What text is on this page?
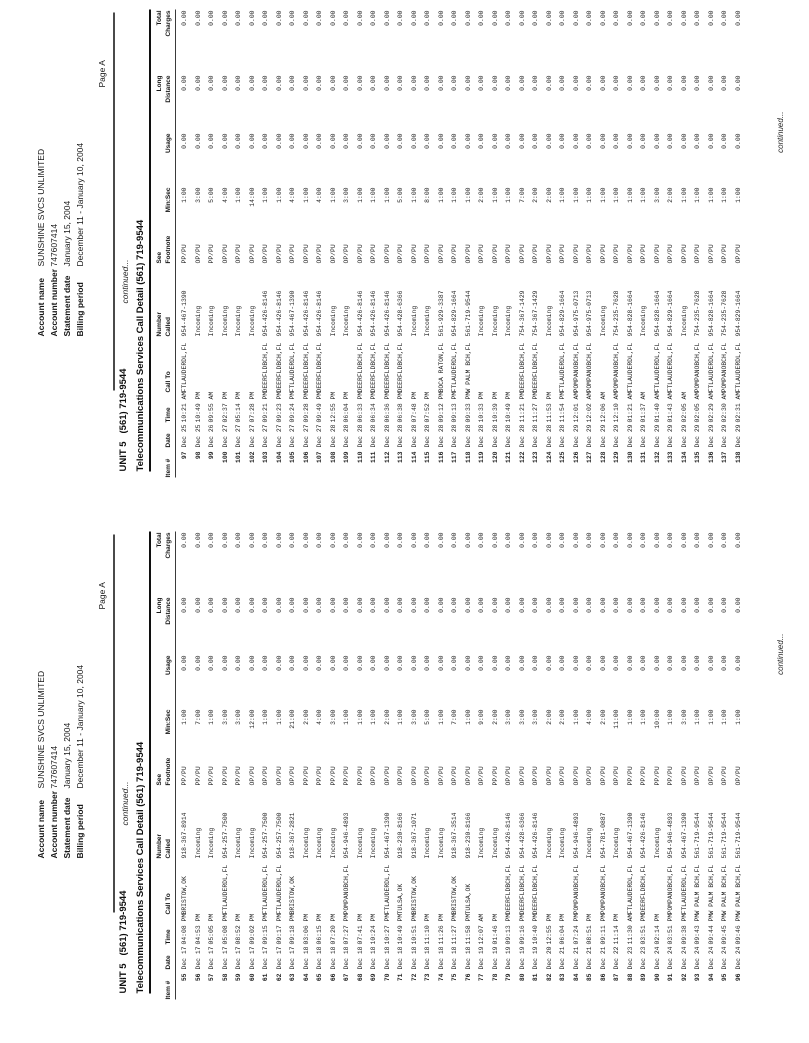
Page A
Account name
SUNSHINE SVCS UNLIMITED
Account number
747607414
Statement date
January 15, 2004
Billing period
December 11 - January 10, 2004
UNIT 5   (561) 719-9544
continued... Telecommunications Services Call Detail (561) 719-9544 Number
See
Long
Total
Item #
Date
Time
Call To
Called
Footnote
Min:Sec
Usage
Distance
Charges
97
Dec 25
10:21 AM
FTLAUDERDL,FL
954-467-1390
PP/PU
1:00
0.00
0.00
0.00
98
Dec 25
10:49 PM
Incoming
OP/PU
3:00
0.00
0.00
0.00
99
Dec 26
09:55 AM
Incoming
PP/PU
5:00
0.00
0.00
0.00
100
Dec 27
02:37 PM
Incoming
OP/PU
4:00
0.00
0.00
0.00
101
Dec 27
05:14 PM
Incoming
OP/PU
1:00
0.00
0.00
0.00
102
Dec 27
07:28 PM
Incoming
OP/PU
14:00
0.00
0.00
0.00
103
Dec 27
09:21 PM
DEERFLDBCH,FL
954-426-8146
OP/PU
1:00
0.00
0.00
0.00
104
Dec 27
09:23 PM
DEERFLDBCH,FL
954-426-8146
OP/PU
1:00
0.00
0.00
0.00
105
Dec 27
09:24 PM
FTLAUDERDL,FL
954-467-1390
OP/PU
4:00
0.00
0.00
0.00
106
Dec 27
09:28 PM
DEERFLDBCH,FL
954-426-8146
OP/PU
1:00
0.00
0.00
0.00
107
Dec 27
09:49 PM
DEERFLDBCH,FL
954-426-8146
OP/PU
4:00
0.00
0.00
0.00
108
Dec 28
12:55 PM
Incoming
OP/PU
1:00
0.00
0.00
0.00
109
Dec 28
06:04 PM
Incoming
OP/PU
3:00
0.00
0.00
0.00
110
Dec 28
06:33 PM
DEERFLDBCH,FL
954-426-8146
OP/PU
1:00
0.00
0.00
0.00
111
Dec 28
06:34 PM
DEERFLDBCH,FL
954-426-8146
OP/PU
1:00
0.00
0.00
0.00
112
Dec 28
06:36 PM
DEERFLDBCH,FL
954-426-8146
OP/PU
1:00
0.00
0.00
0.00
113
Dec 28
06:38 PM
DEERFLDBCH,FL
954-428-6366
OP/PU
5:00
0.00
0.00
0.00
114
Dec 28
07:48 PM
Incoming
OP/PU
1:00
0.00
0.00
0.00
115
Dec 28
07:52 PM
Incoming
OP/PU
8:00
0.00
0.00
0.00
116
Dec 28
09:12 PM
BOCA RATON,FL
561-929-3387
OP/PU
1:00
0.00
0.00
0.00
117
Dec 28
09:13 PM
FTLAUDERDL,FL
954-829-1664
OP/PU
1:00
0.00
0.00
0.00
118
Dec 28
09:33 PM
W PALM BCH,FL
561-719-9544
OP/PU
1:00
0.00
0.00
0.00
119
Dec 28
10:33 PM
Incoming
OP/PU
2:00
0.00
0.00
0.00
120
Dec 28
10:39 PM
Incoming
OP/PU
1:00
0.00
0.00
0.00
121
Dec 28
10:49 PM
Incoming
OP/PU
1:00
0.00
0.00
0.00
122
Dec 28
11:21 PM
DEERFLDBCH,FL
754-367-1429
OP/PU
7:00
0.00
0.00
0.00
123
Dec 28
11:27 PM
DEERFLDBCH,FL
754-367-1429
OP/PU
2:00
0.00
0.00
0.00
124
Dec 28
11:53 PM
Incoming
OP/PU
2:00
0.00
0.00
0.00
125
Dec 28
11:54 PM
FTLAUDERDL,FL
954-829-1664
OP/PU
1:00
0.00
0.00
0.00
126
Dec 29
12:01 AM
POMPANOBCH,FL
954-975-0713
OP/PU
1:00
0.00
0.00
0.00
127
Dec 29
12:02 AM
POMPANOBCH,FL
954-975-0713
OP/PU
1:00
0.00
0.00
0.00
128
Dec 29
12:06 AM
Incoming
OP/PU
1:00
0.00
0.00
0.00
129
Dec 29
12:10 AM
POMPANOBCH,FL
754-235-7628
OP/PU
1:00
0.00
0.00
0.00
130
Dec 29
01:21 AM
FTLAUDERDL,FL
954-828-1664
OP/PU
1:00
0.00
0.00
0.00
131
Dec 29
01:37 AM
Incoming
OP/PU
1:00
0.00
0.00
0.00
132
Dec 29
01:40 AM
FTLAUDERDL,FL
954-828-1664
OP/PU
3:00
0.00
0.00
0.00
133
Dec 29
01:43 AM
FTLAUDERDL,FL
954-829-1664
OP/PU
2:00
0.00
0.00
0.00
134
Dec 29
02:05 AM
Incoming
OP/PU
1:00
0.00
0.00
0.00
135
Dec 29
02:05 AM
POMPANOBCH,FL
754-235-7628
OP/PU
1:00
0.00
0.00
0.00
136
Dec 29
02:29 AM
FTLAUDERDL,FL
954-828-1664
OP/PU
1:00
0.00
0.00
0.00
137
Dec 29
02:30 AM
POMPANOBCH,FL
754-235-7628
OP/PU
1:00
0.00
0.00
0.00
138
Dec 29
02:31 AM
FTLAUDERDL,FL
954-829-1664
OP/PU
1:00
0.00
0.00
0.00
continued...
Page A
Account name
SUNSHINE SVCS UNLIMITED
Account number
747607414
Statement date
January 15, 2004
Billing period
December 11 - January 10, 2004
UNIT 5   (561) 719-9544
continued... Telecommunications Services Call Detail (561) 719-9544 Number
See
Long
Total
Item #
Date
Time
Call To
Called
Footnote
Min:Sec
Usage
Distance
Charges
55
Dec 17
04:08 PM
BRISTOW,OK
918-367-8914
PP/PU
1:00
0.00
0.00
0.00
56
Dec 17
04:53 PM
Incoming
PP/PU
7:00
0.00
0.00
0.00
57
Dec 17
05:05 PM
Incoming
PP/PU
1:00
0.00
0.00
0.00
58
Dec 17
05:08 PM
FTLAUDERDL,FL
954-257-7500
PP/PU
3:00
0.00
0.00
0.00
59
Dec 17
08:52 PM
Incoming
PP/PU
3:00
0.00
0.00
0.00
60
Dec 17
09:02 PM
Incoming
OP/PU
12:00
0.00
0.00
0.00
61
Dec 17
09:15 PM
FTLAUDERDL,FL
954-257-7500
OP/PU
1:00
0.00
0.00
0.00
62
Dec 17
09:17 PM
FTLAUDERDL,FL
954-257-7500
OP/PU
1:00
0.00
0.00
0.00
63
Dec 17
09:18 PM
BRISTOW,OK
918-367-2821
OP/PU
21:00
0.00
0.00
0.00
64
Dec 18
03:06 PM
Incoming
PP/PU
2:00
0.00
0.00
0.00
65
Dec 18
06:15 PM
Incoming
PP/PU
4:00
0.00
0.00
0.00
66
Dec 18
07:20 PM
Incoming
PP/PU
3:00
0.00
0.00
0.00
67
Dec 18
07:27 PM
POMPANOBCH,FL
954-946-4893
PP/PU
1:00
0.00
0.00
0.00
68
Dec 18
07:41 PM
Incoming
PP/PU
1:00
0.00
0.00
0.00
69
Dec 18
10:24 PM
Incoming
OP/PU
1:00
0.00
0.00
0.00
70
Dec 18
10:27 PM
FTLAUDERDL,FL
954-467-1390
OP/PU
2:00
0.00
0.00
0.00
71
Dec 18
10:49 PM
TULSA,OK
918-230-8166
OP/PU
1:00
0.00
0.00
0.00
72
Dec 18
10:51 PM
BRISTOW,OK
918-367-1071
OP/PU
3:00
0.00
0.00
0.00
73
Dec 18
11:10 PM
Incoming
OP/PU
5:00
0.00
0.00
0.00
74
Dec 18
11:26 PM
Incoming
OP/PU
1:00
0.00
0.00
0.00
75
Dec 18
11:27 PM
BRISTOW,OK
918-367-3514
OP/PU
7:00
0.00
0.00
0.00
76
Dec 18
11:58 PM
TULSA,OK
918-230-8166
OP/PU
1:00
0.00
0.00
0.00
77
Dec 19
12:07 AM
Incoming
OP/PU
9:00
0.00
0.00
0.00
78
Dec 19
01:46 PM
Incoming
PP/PU
2:00
0.00
0.00
0.00
79
Dec 19
09:13 PM
DEERFLDBCH,FL
954-426-8146
OP/PU
3:00
0.00
0.00
0.00
80
Dec 19
09:16 PM
DEERFLDBCH,FL
954-428-6366
OP/PU
3:00
0.00
0.00
0.00
81
Dec 19
10:40 PM
DEERFLDBCH,FL
954-426-8146
OP/PU
3:00
0.00
0.00
0.00
82
Dec 20
12:55 PM
Incoming
OP/PU
2:00
0.00
0.00
0.00
83
Dec 21
06:04 PM
Incoming
OP/PU
2:00
0.00
0.00
0.00
84
Dec 21
07:24 PM
POMPANOBCH,FL
954-946-4893
OP/PU
1:00
0.00
0.00
0.00
85
Dec 21
08:51 PM
Incoming
OP/PU
4:00
0.00
0.00
0.00
86
Dec 21
09:11 PM
POMPANOBCH,FL
954-781-0887
OP/PU
2:00
0.00
0.00
0.00
87
Dec 22
11:14 PM
Incoming
OP/PU
11:00
0.00
0.00
0.00
88
Dec 23
11:30 AM
FTLAUDERDL,FL
954-467-1390
PP/PU
1:00
0.00
0.00
0.00
89
Dec 23
03:51 PM
DEERFLDBCH,FL
954-426-8146
PP/PU
1:00
0.00
0.00
0.00
90
Dec 24
02:14 PM
Incoming
PP/PU
10:00
0.00
0.00
0.00
91
Dec 24
03:51 PM
POMPANOBCH,FL
954-946-4893
PP/PU
1:00
0.00
0.00
0.00
92
Dec 24
09:38 PM
FTLAUDERDL,FL
954-467-1390
OP/PU
3:00
0.00
0.00
0.00
93
Dec 24
09:43 PM
W PALM BCH,FL
561-719-9544
OP/PU
1:00
0.00
0.00
0.00
94
Dec 24
09:44 PM
W PALM BCH,FL
561-719-9544
OP/PU
1:00
0.00
0.00
0.00
95
Dec 24
09:45 PM
W PALM BCH,FL
561-719-9544
OP/PU
1:00
0.00
0.00
0.00
96
Dec 24
09:46 PM
W PALM BCH,FL
561-719-9544
OP/PU
1:00
0.00
0.00
0.00
continued...
